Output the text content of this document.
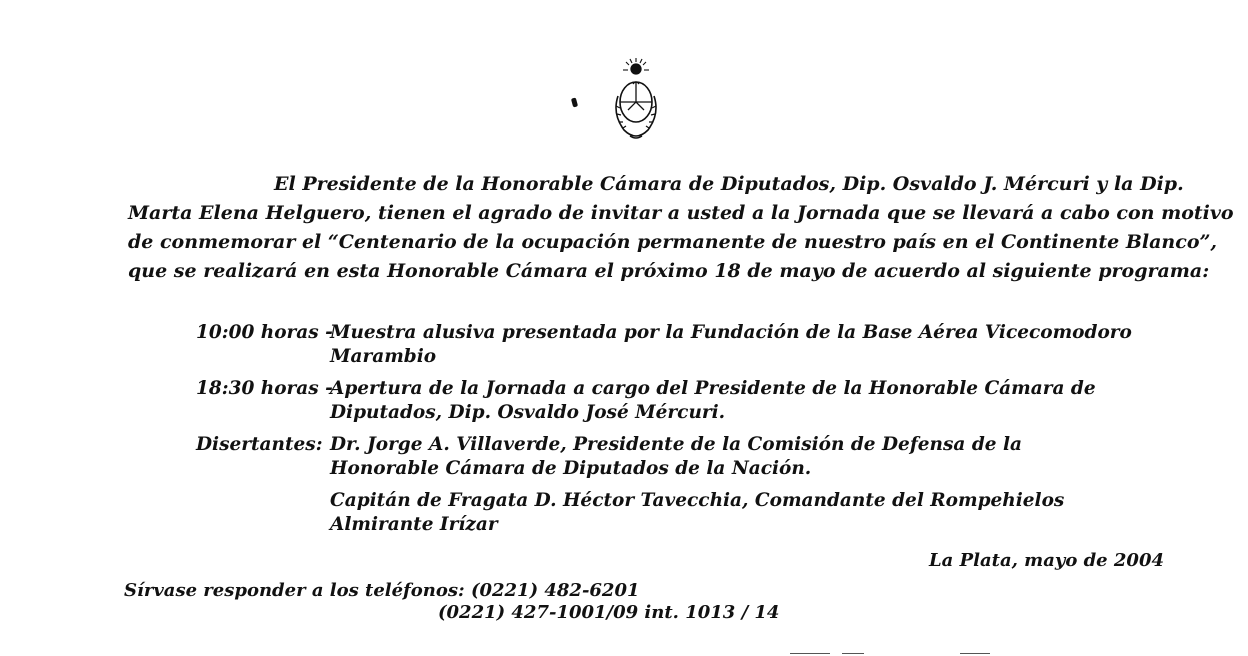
El Presidente de la Honorable Cámara de Diputados, Dip. Osvaldo J. Mércuri y la Dip.
Marta Elena Helguero, tienen el agrado de invitar a usted a la Jornada que se llevará a cabo con motivo
de conmemorar el “Centenario de la ocupación permanente de nuestro país en el Continente Blanco”,
que se realizará en esta Honorable Cámara el próximo 18 de mayo de acuerdo al siguiente programa:
10:00 horas -
Muestra alusiva presentada por la Fundación de la Base Aérea Vicecomodoro
Marambio
18:30 horas -
Apertura de la Jornada a cargo del Presidente de la Honorable Cámara de
Diputados, Dip. Osvaldo José Mércuri.
Disertantes: Dr. Jorge A. Villaverde, Presidente de la Comisión de Defensa de la
Honorable Cámara de Diputados de la Nación.
Capitán de Fragata D. Héctor Tavecchia, Comandante del Rompehielos
Almirante Irízar
La Plata, mayo de 2004
Sírvase responder a los teléfonos: (0221) 482-6201
(0221) 427-1001/09 int. 1013 / 14
